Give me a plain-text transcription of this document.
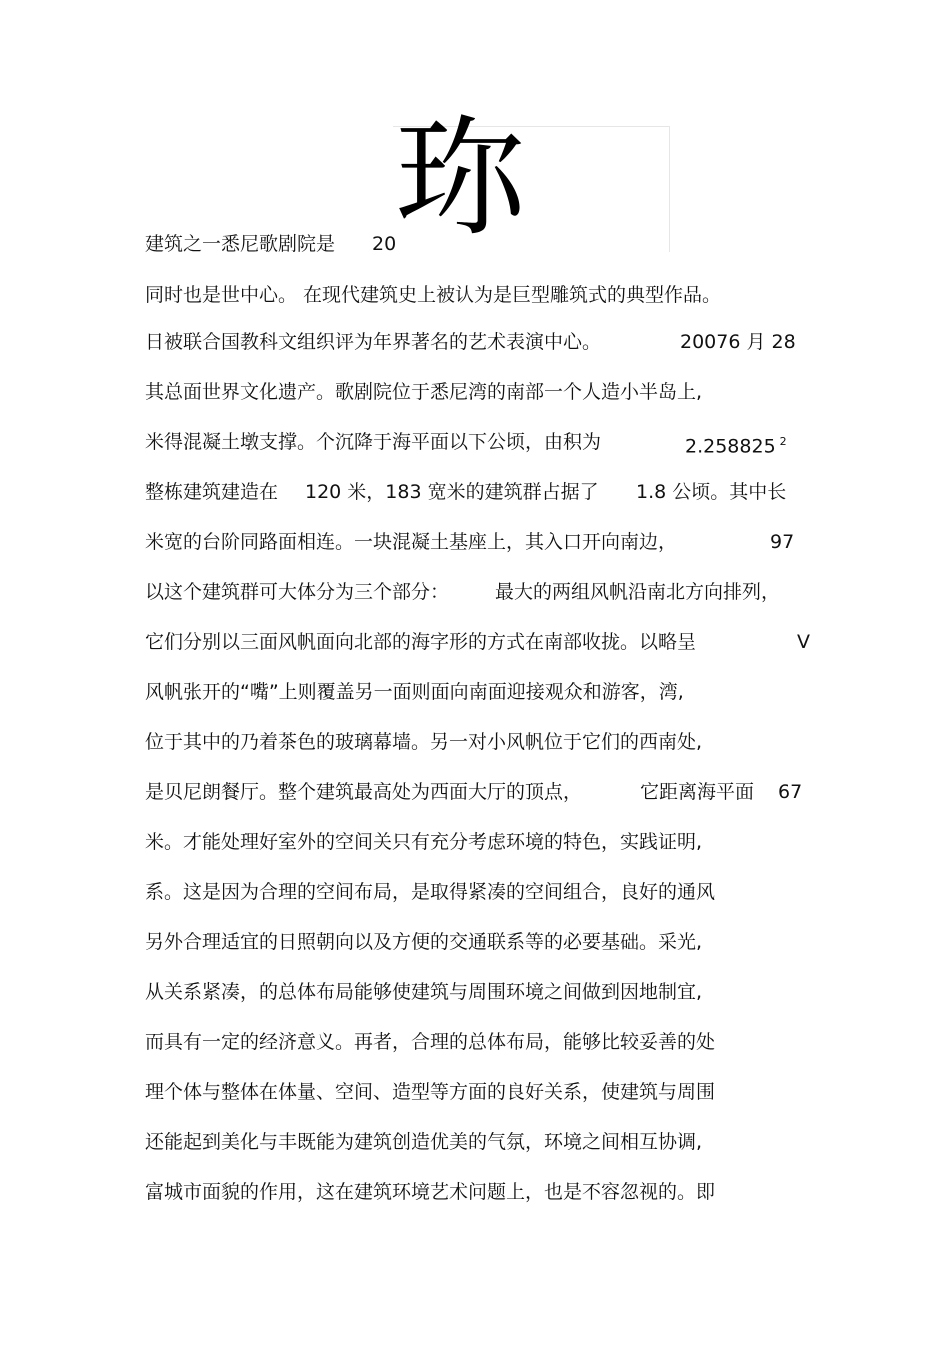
珎
建筑之一悉尼歌剧院是 20
同时也是世中心。 在现代建筑史上被认为是巨型雕筑式的典型作品。
日被联合国教科文组织评为年界著名的艺术表演中心。	20076 月 28
其总面世界文化遗产。歌剧院位于悉尼湾的南部一个人造小半岛上,
米得混凝土墩支撑。个沉降于海平面以下公顷，由积为	2.258825 $^2$
整栋建筑建造在 120 米，183 宽米的建筑群占据了 1.8 公顷。其中长
米宽的台阶同路面相连。一块混凝土基座上，其入口开向南边，	97
以这个建筑群可大体分为三个部分： 最大的两组风帆沿南北方向排列，
它们分别以三面风帆面向北部的海字形的方式在南部收拢。以略呈	V
风帆张开的“嘴”上则覆盖另一面则面向南面迎接观众和游客，湾,
位于其中的乃着茶色的玻璃幕墙。另一对小风帆位于它们的西南处,
是贝尼朗餐厅。整个建筑最高处为西面大厅的顶点，	它距离海平面 67
米。才能处理好室外的空间关只有充分考虑环境的特色，实践证明,
系。这是因为合理的空间布局，是取得紧凑的空间组合，良好的通风
另外合理适宜的日照朝向以及方便的交通联系等的必要基础。采光,
从关系紧凑，的总体布局能够使建筑与周围环境之间做到因地制宜,
而具有一定的经济意义。再者，合理的总体布局，能够比较妥善的处
理个体与整体在体量、空间、造型等方面的良好关系，使建筑与周围
还能起到美化与丰既能为建筑创造优美的气氛，环境之间相互协调,
富城市面貌的作用，这在建筑环境艺术问题上，也是不容忽视的。即
